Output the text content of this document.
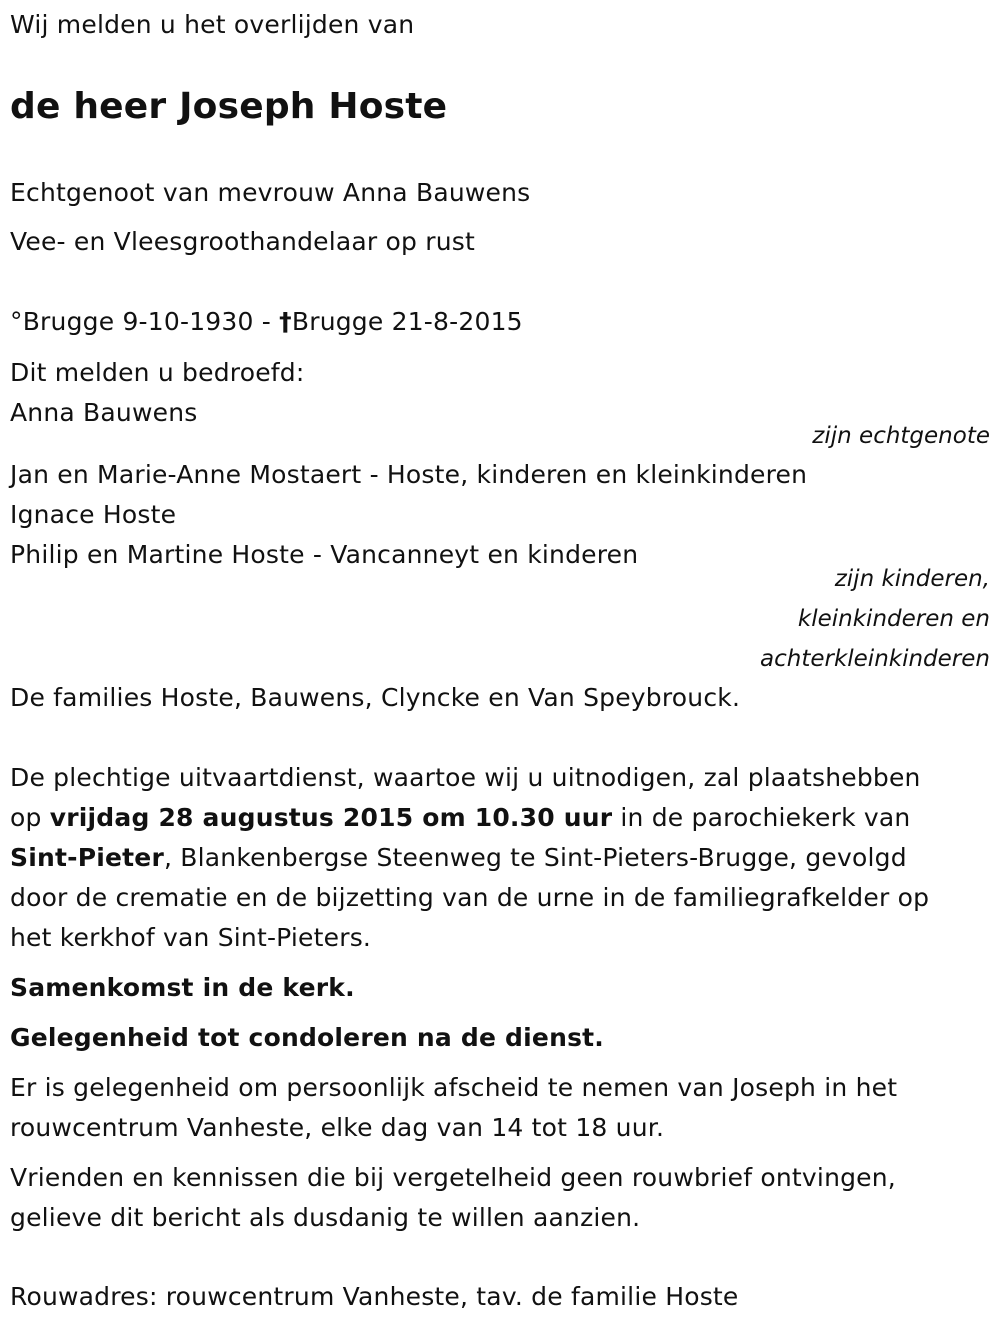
Wij melden u het overlijden van
de heer Joseph Hoste
Echtgenoot van mevrouw Anna Bauwens
Vee- en Vleesgroothandelaar op rust
°Brugge 9-10-1930 - †Brugge 21-8-2015
Dit melden u bedroefd:
Anna Bauwens
zijn echtgenote
Jan en Marie-Anne Mostaert - Hoste, kinderen en kleinkinderen
Ignace Hoste
Philip en Martine Hoste - Vancanneyt en kinderen
zijn kinderen,
kleinkinderen en
achterkleinkinderen
De families Hoste, Bauwens, Clyncke en Van Speybrouck.
De plechtige uitvaartdienst, waartoe wij u uitnodigen, zal plaatshebben
op vrijdag 28 augustus 2015 om 10.30 uur in de parochiekerk van
Sint-Pieter, Blankenbergse Steenweg te Sint-Pieters-Brugge, gevolgd
door de crematie en de bijzetting van de urne in de familiegrafkelder op
het kerkhof van Sint-Pieters.
Samenkomst in de kerk.
Gelegenheid tot condoleren na de dienst.
Er is gelegenheid om persoonlijk afscheid te nemen van Joseph in het
rouwcentrum Vanheste, elke dag van 14 tot 18 uur.
Vrienden en kennissen die bij vergetelheid geen rouwbrief ontvingen,
gelieve dit bericht als dusdanig te willen aanzien.
Rouwadres: rouwcentrum Vanheste, tav. de familie Hoste
